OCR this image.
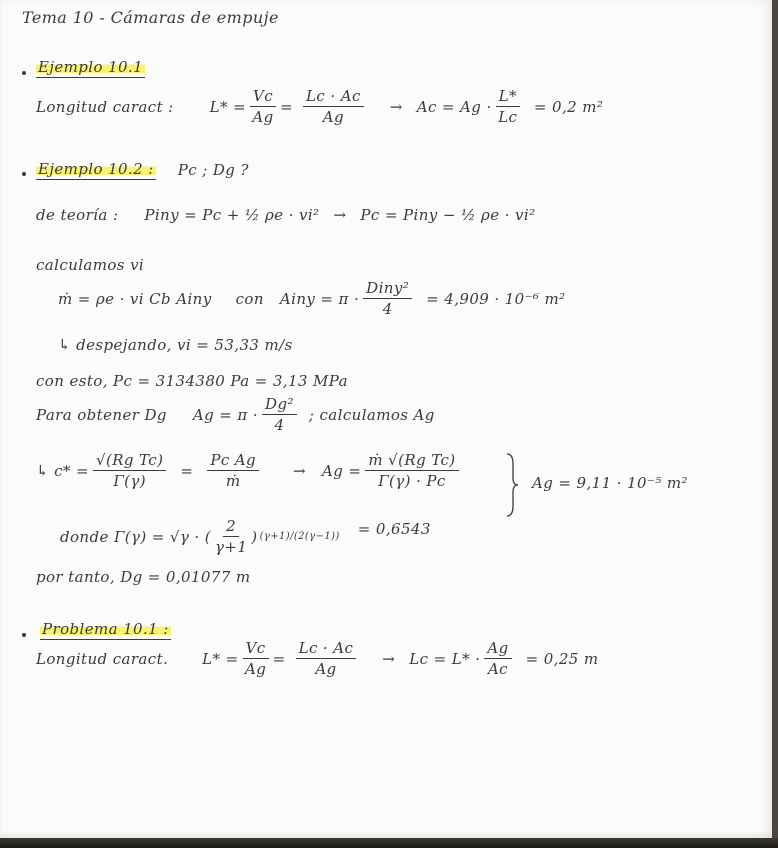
Tema 10 - Cámaras de empuje
Ejemplo 10.1
Longitud caract : $L* = \frac{Vc}{Ag} = \frac{Lc \cdot Ac}{Ag} \to Ac = Ag \cdot \frac{L*}{Lc} = 0,2$ m²
Ejemplo 10.2 : Pc ; Dg ?
de teoría : Piny = Pc + ½ ρe · vi² → Pc = Piny − ½ ρe · vi²
calculamos vi
ṁ = ρe · vi Cb Ainy con Ainy = $\pi \cdot \frac{\text{Diny²}}{4} = 4,909 \cdot 10^{-6}$ m²
↳ despejando, vi = 53,33 m/s
con esto, Pc = 3134380 Pa = 3,13 MPa
Para obtener Dg $Ag = \pi \cdot \frac{\text{Dg²}}{4}$ ; calculamos Ag
↳ $c* = \frac{\text{√(Rg Tc)}}{\Gamma(\gamma)} = \frac{\text{Pc Ag}}{\text{ṁ}} \to Ag = \frac{\text{ṁ √(Rg Tc)}}{\Gamma(\gamma) \cdot Pc}$	Ag = 9,11 · 10⁻⁵ m²
donde Γ(γ) = √γ · ( $\frac{2}{\gamma+1}$ ) (γ+1)/(2(γ−1)) = 0,6543
por tanto, Dg = 0,01077 m
Problema 10.1 :
Longitud caract. $L* = \frac{Vc}{Ag} = \frac{Lc \cdot Ac}{Ag} \to Lc = L* \cdot \frac{Ag}{Ac} = 0,25$ m
